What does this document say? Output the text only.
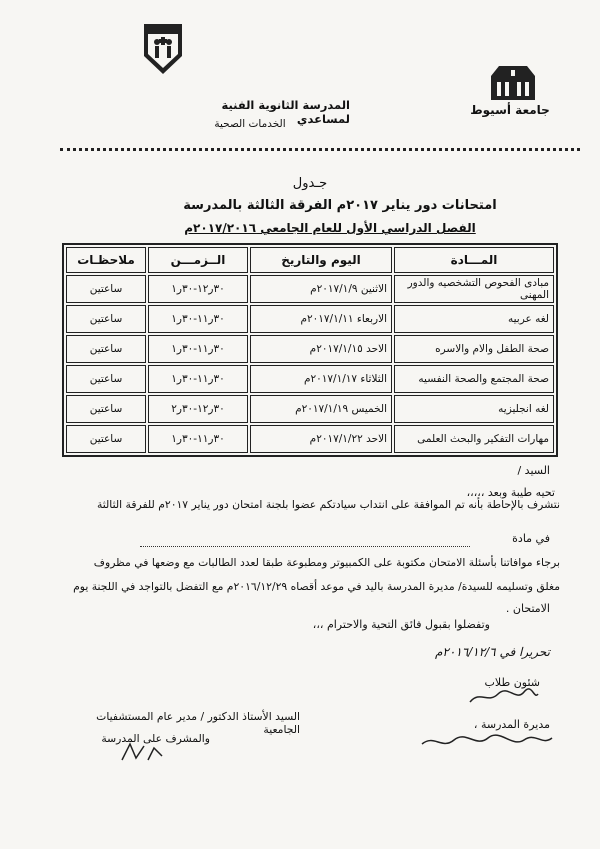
جامعة أسيوط
المدرسة الثانوية الفنية لمساعدي
الخدمات الصحية
جـدول
امتحانات دور يناير ٢٠١٧م الفرقة الثالثة بالمدرسة
الفصل الدراسي الأول للعام الجامعي ٢٠١٧/٢٠١٦م
المـــادة	اليوم والتاريخ	الــزمـــن	ملاحظـات
مبادى الفحوص التشخصيه والدور المهنى	الاثنين ٢٠١٧/١/٩م	٣٠ر١٢-٣٠ر١	ساعتين
لغه عربيه	الاربعاء ٢٠١٧/١/١١م	٣٠ر١١-٣٠ر١	ساعتين
صحة الطفل والام والاسره	الاحد ٢٠١٧/١/١٥م	٣٠ر١١-٣٠ر١	ساعتين
صحة المجتمع والصحة النفسيه	الثلاثاء ٢٠١٧/١/١٧م	٣٠ر١١-٣٠ر١	ساعتين
لغه انجليزيه	الخميس ٢٠١٧/١/١٩م	٣٠ر١٢-٣٠ر٢	ساعتين
مهارات التفكير والبحث العلمى	الاحد ٢٠١٧/١/٢٢م	٣٠ر١١-٣٠ر١	ساعتين
السيد /
تحيه طيبة وبعد ،،،،،
نتشرف بالإحاطة بأنه تم الموافقة على انتداب سيادتكم عضوا بلجنة امتحان دور يناير ٢٠١٧م للفرقة الثالثة
في مادة
برجاء موافاتنا بأسئلة الامتحان مكتوبة على الكمبيوتر ومطبوعة طبقا لعدد الطالبات مع وضعها في مظروف
مغلق وتسليمه للسيدة/ مديرة المدرسة باليد في موعد أقصاه ٢٠١٦/١٢/٢٩م مع التفضل بالتواجد في اللجنة يوم
الامتحان .
وتفضلوا بقبول فائق التحية والاحترام ،،،
تحريرا في ٢٠١٦/١٢/٦م
شئون طلاب
مديرة المدرسة ،
السيد الأستاذ الدكتور / مدير عام المستشفيات الجامعية
والمشرف على المدرسة
